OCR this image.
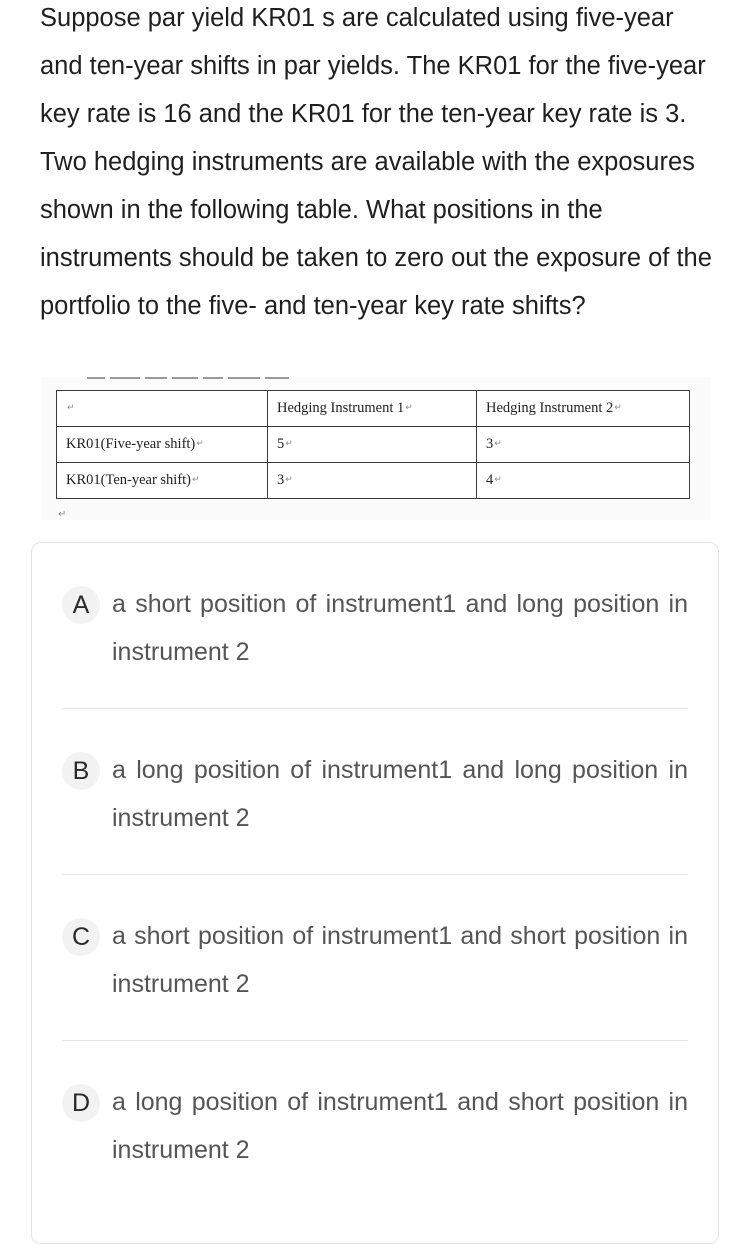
Suppose par yield KR01 s are calculated using five-year and ten-year shifts in par yields. The KR01 for the five-year key rate is 16 and the KR01 for the ten-year key rate is 3. Two hedging instruments are available with the exposures shown in the following table. What positions in the instruments should be taken to zero out the exposure of the portfolio to the five- and ten-year key rate shifts?

↵	Hedging Instrument 1↵	Hedging Instrument 2↵
KR01(Five-year shift)↵	5↵	3↵
KR01(Ten-year shift)↵	3↵	4↵
↵
A a short position of instrument1 and long position in instrument 2

B a long position of instrument1 and long position in instrument 2

C a short position of instrument1 and short position in instrument 2

D a long position of instrument1 and short position in instrument 2
